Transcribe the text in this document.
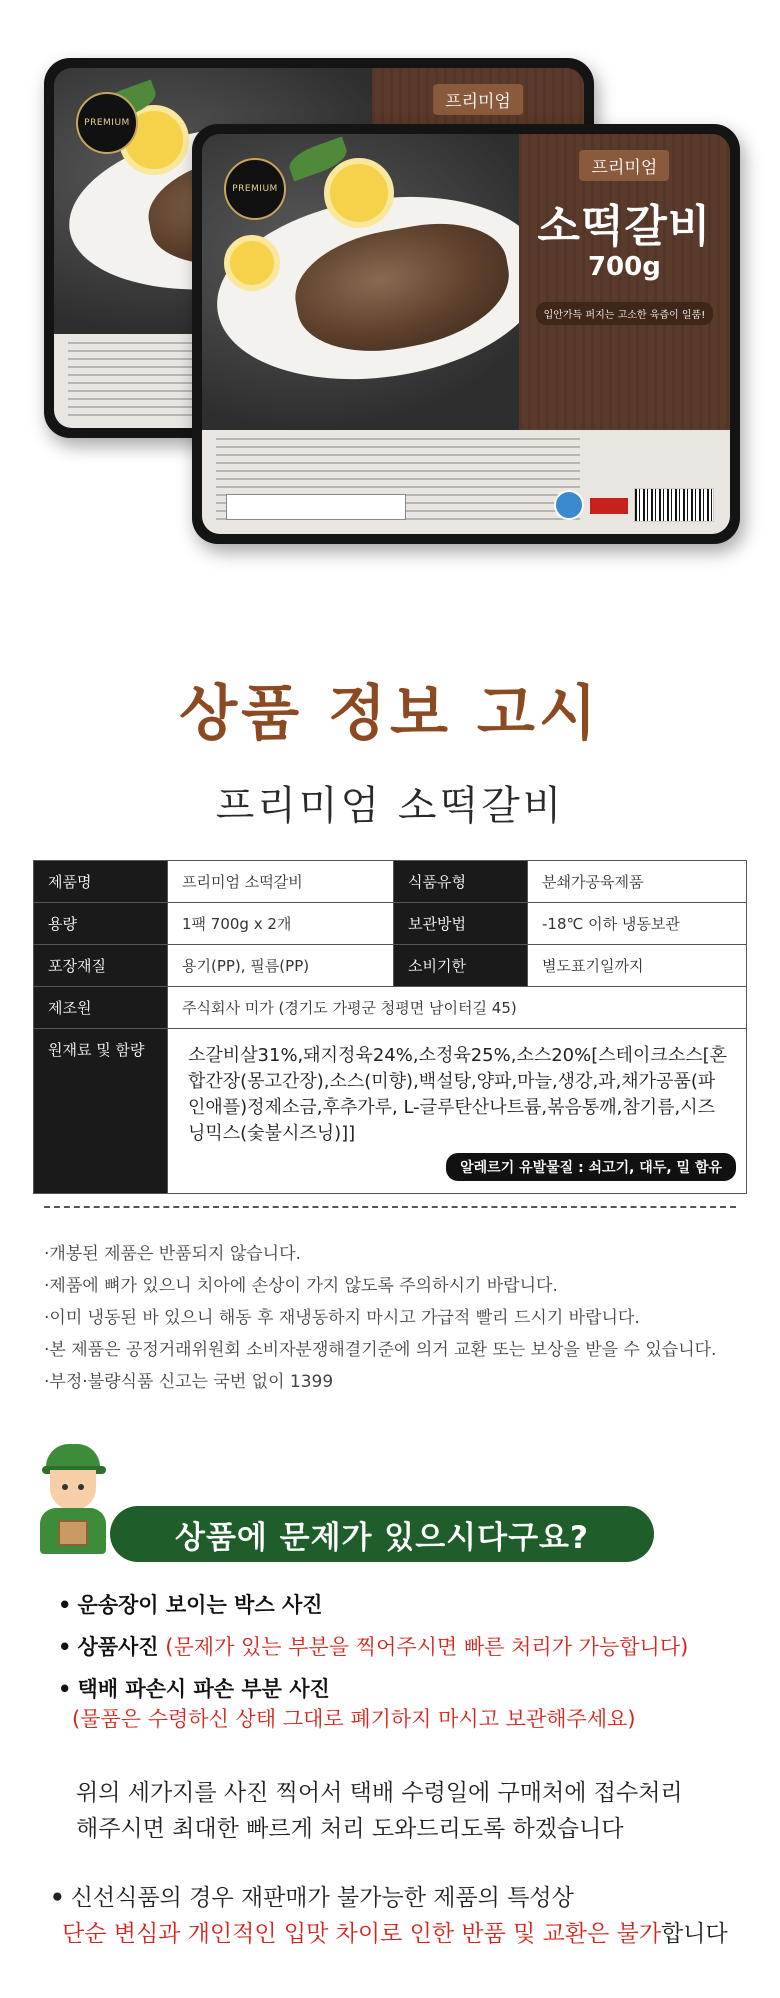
프리미엄
PREMIUM
프리미엄
소떡갈비
700g
입안가득 퍼지는 고소한 육즙이 일품!
PREMIUM
상품 정보 고시
프리미엄 소떡갈비
제품명	프리미엄 소떡갈비	식품유형	분쇄가공육제품
용량	1팩 700g x 2개	보관방법	-18℃ 이하 냉동보관
포장재질	용기(PP), 필름(PP)	소비기한	별도표기일까지
제조원	주식회사 미가 (경기도 가평군 청평면 남이터길 45)		
원재료 및 함량	소갈비살31%,돼지정육24%,소정육25%,소스20%[스테이크소스[혼합간장(몽고간장),소스(미향),백설탕,양파,마늘,생강,과,채가공품(파인애플)정제소금,후추가루, L-글루탄산나트륨,볶음통깨,참기름,시즈닝믹스(숯불시즈닝)]]
알레르기 유발물질 : 쇠고기, 대두, 밀 함유		
·개봉된 제품은 반품되지 않습니다.
·제품에 뼈가 있으니 치아에 손상이 가지 않도록 주의하시기 바랍니다.
·이미 냉동된 바 있으니 해동 후 재냉동하지 마시고 가급적 빨리 드시기 바랍니다.
·본 제품은 공정거래위원회 소비자분쟁해결기준에 의거 교환 또는 보상을 받을 수 있습니다.
·부정·불량식품 신고는 국번 없이 1399
상품에 문제가 있으시다구요?
• 운송장이 보이는 박스 사진
• 상품사진 (문제가 있는 부분을 찍어주시면 빠른 처리가 가능합니다)
• 택배 파손시 파손 부분 사진
(물품은 수령하신 상태 그대로 폐기하지 마시고 보관해주세요)
위의 세가지를 사진 찍어서 택배 수령일에 구매처에 접수처리
해주시면 최대한 빠르게 처리 도와드리도록 하겠습니다
• 신선식품의 경우 재판매가 불가능한 제품의 특성상
단순 변심과 개인적인 입맛 차이로 인한 반품 및 교환은 불가합니다
